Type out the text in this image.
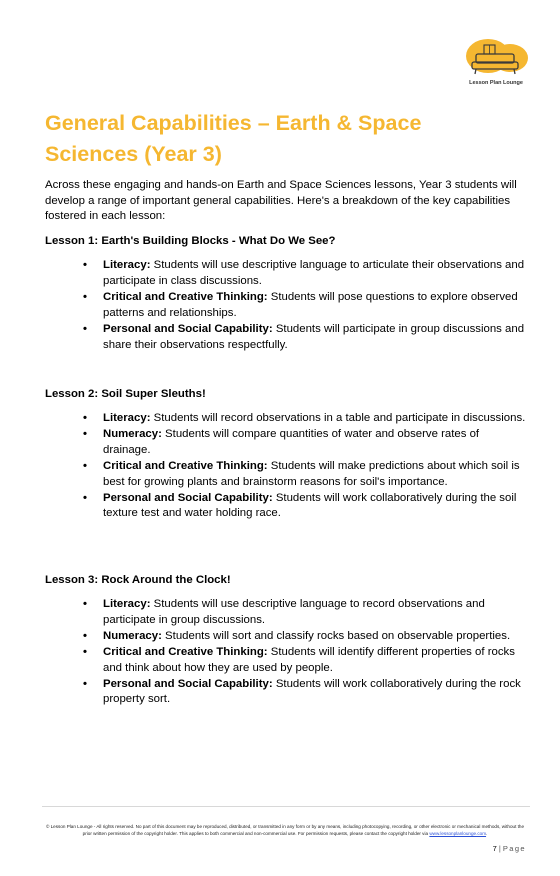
Lesson Plan Lounge
General Capabilities – Earth & Space Sciences (Year 3)

Across these engaging and hands-on Earth and Space Sciences lessons, Year 3 students will develop a range of important general capabilities. Here's a breakdown of the key capabilities fostered in each lesson:

Lesson 1: Earth's Building Blocks - What Do We See?
• Literacy: Students will use descriptive language to articulate their observations and participate in class discussions.
• Critical and Creative Thinking: Students will pose questions to explore observed patterns and relationships.
• Personal and Social Capability: Students will participate in group discussions and share their observations respectfully.
Lesson 2: Soil Super Sleuths!
• Literacy: Students will record observations in a table and participate in discussions.
• Numeracy: Students will compare quantities of water and observe rates of drainage.
• Critical and Creative Thinking: Students will make predictions about which soil is best for growing plants and brainstorm reasons for soil's importance.
• Personal and Social Capability: Students will work collaboratively during the soil texture test and water holding race.
Lesson 3: Rock Around the Clock!
• Literacy: Students will use descriptive language to record observations and participate in group discussions.
• Numeracy: Students will sort and classify rocks based on observable properties.
• Critical and Creative Thinking: Students will identify different properties of rocks and think about how they are used by people.
• Personal and Social Capability: Students will work collaboratively during the rock property sort.

© Lesson Plan Lounge - All rights reserved. No part of this document may be reproduced, distributed, or transmitted in any form or by any means, including photocopying, recording, or other electronic or mechanical methods, without the prior written permission of the copyright holder. This applies to both commercial and non-commercial use. For permission requests, please contact the copyright holder via www.lessonplanlounge.com.

7 | Page
